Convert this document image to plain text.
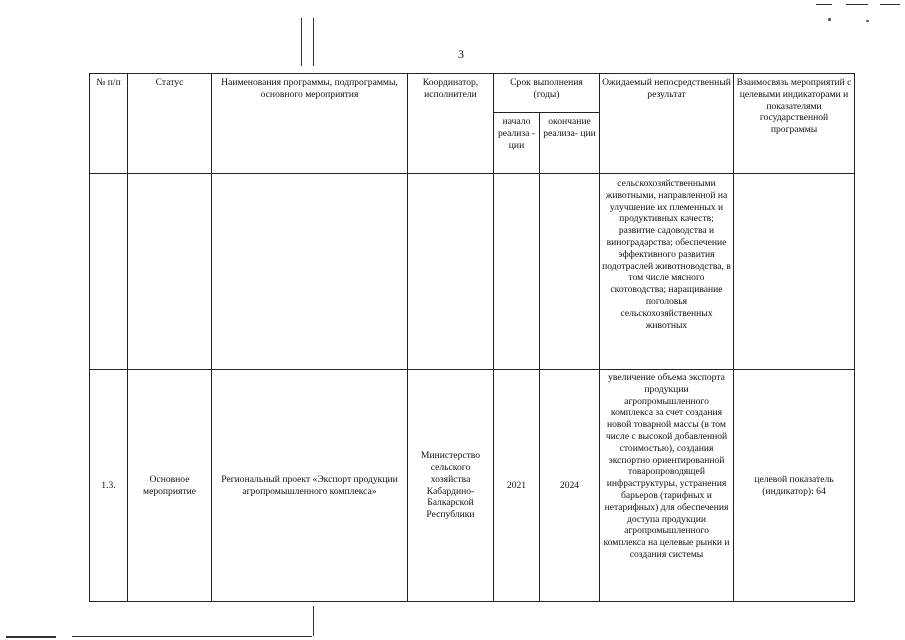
3
№ п/п	Статус	Наименования программы, подпрограммы, основного мероприятия	Координатор, исполнители	Срок выполнения (годы)		Ожидаемый непосредственный результат	Взаимосвязь мероприятий с целевыми индикаторами и показателями государственной программы
				начало реализа - ции	окончание реализа- ции		
						сельскохозяйственными животными, направленной на улучшение их племенных и продуктивных качеств; развитие садоводства и виноградарства; обеспечение эффективного развития подотраслей животноводства, в том числе мясного скотоводства; наращивание поголовья сельскохозяйственных животных	
1.3.	Основное мероприятие	Региональный проект «Экспорт продукции агропромышленного комплекса»	Министерство сельского хозяйства Кабардино-Балкарской Республики	2021	2024	увеличение объема экспорта продукции агропромышленного комплекса за счет создания новой товарной массы (в том числе с высокой добавленной стоимостью), создания экспортно ориентированной товаропроводящей инфраструктуры, устранения барьеров (тарифных и нетарифных) для обеспечения доступа продукции агропромышленного комплекса на целевые рынки и создания системы	целевой показатель (индикатор): 64
